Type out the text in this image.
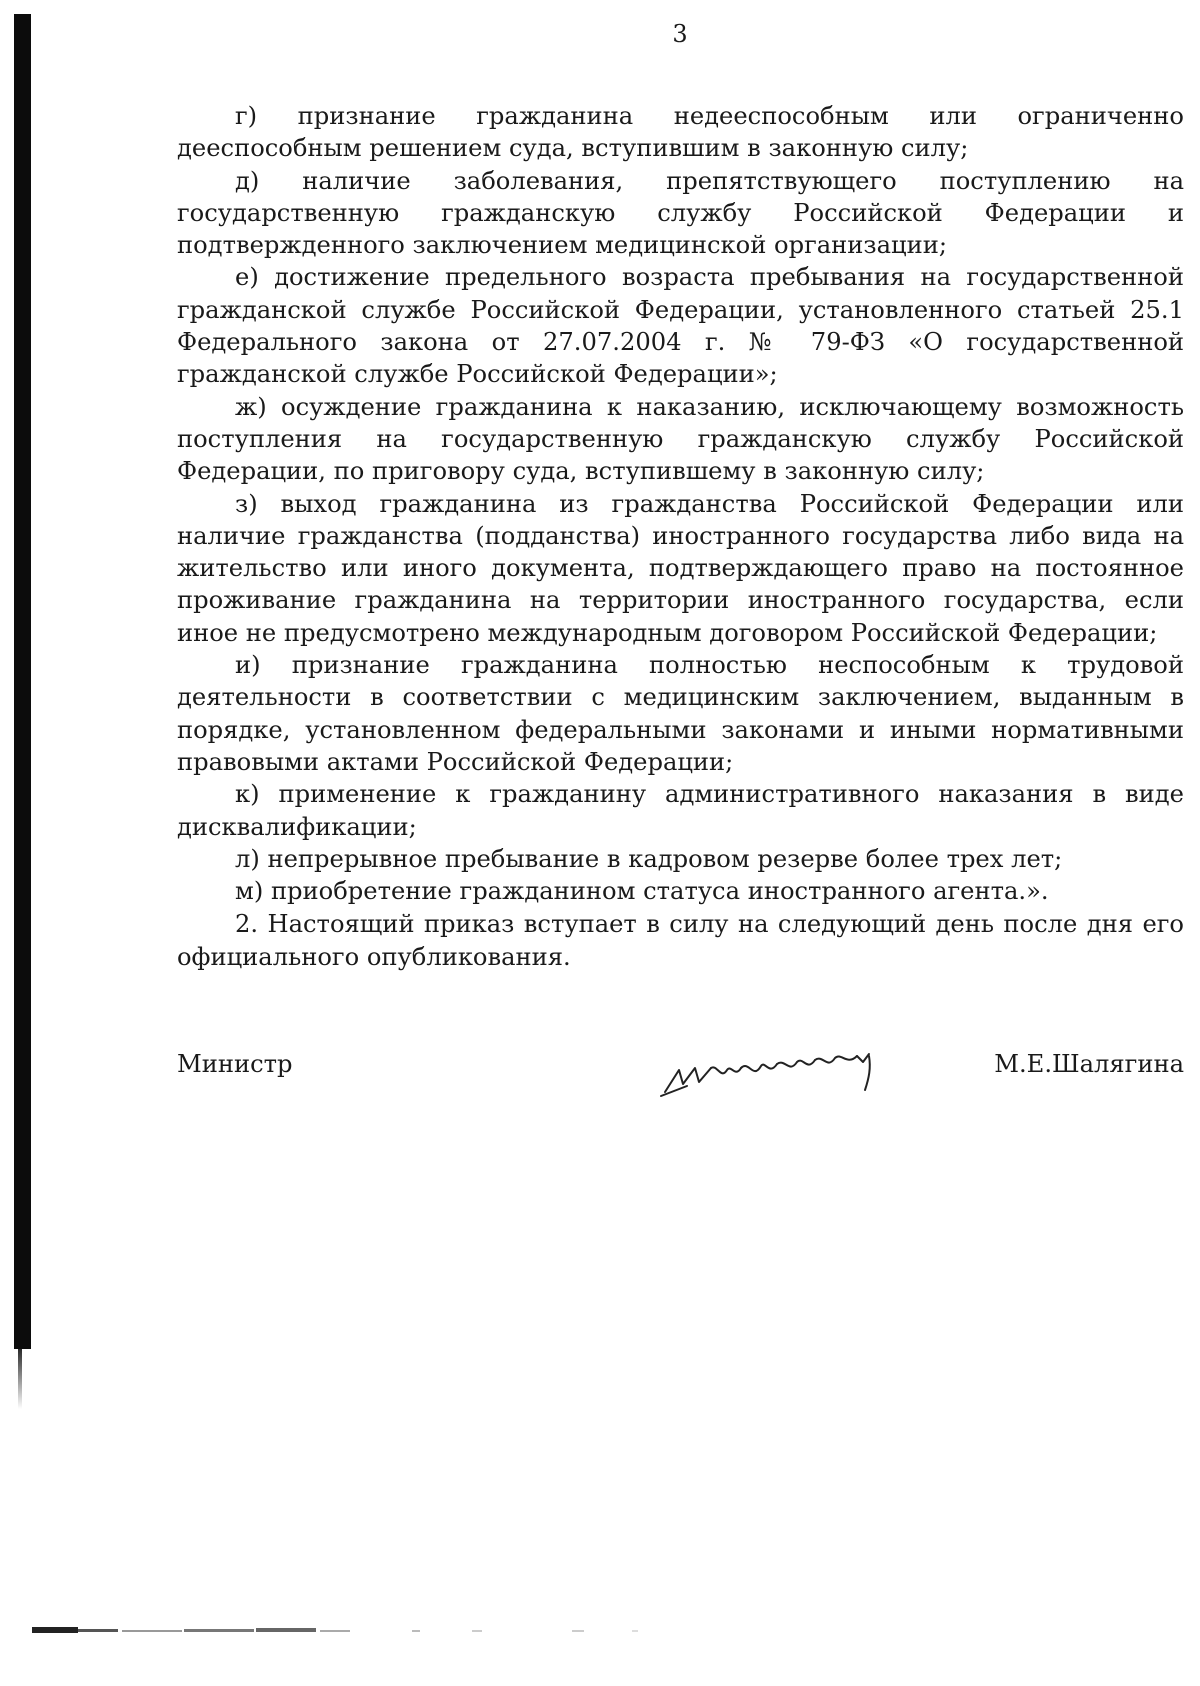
3

г) признание гражданина недееспособным или ограниченно дееспособным решением суда, вступившим в законную силу;

д) наличие заболевания, препятствующего поступлению на государственную гражданскую службу Российской Федерации и подтвержденного заключением медицинской организации;

е) достижение предельного возраста пребывания на государственной гражданской службе Российской Федерации, установленного статьей 25.1 Федерального закона от 27.07.2004 г. № 79-ФЗ «О государственной гражданской службе Российской Федерации»;

ж) осуждение гражданина к наказанию, исключающему возможность поступления на государственную гражданскую службу Российской Федерации, по приговору суда, вступившему в законную силу;

з) выход гражданина из гражданства Российской Федерации или наличие гражданства (подданства) иностранного государства либо вида на жительство или иного документа, подтверждающего право на постоянное проживание гражданина на территории иностранного государства, если иное не предусмотрено международным договором Российской Федерации;

и) признание гражданина полностью неспособным к трудовой деятельности в соответствии с медицинским заключением, выданным в порядке, установленном федеральными законами и иными нормативными правовыми актами Российской Федерации;

к) применение к гражданину административного наказания в виде дисквалификации;

л) непрерывное пребывание в кадровом резерве более трех лет;

м) приобретение гражданином статуса иностранного агента.».

2. Настоящий приказ вступает в силу на следующий день после дня его официального опубликования.

Министр	М.Е.Шалягина
